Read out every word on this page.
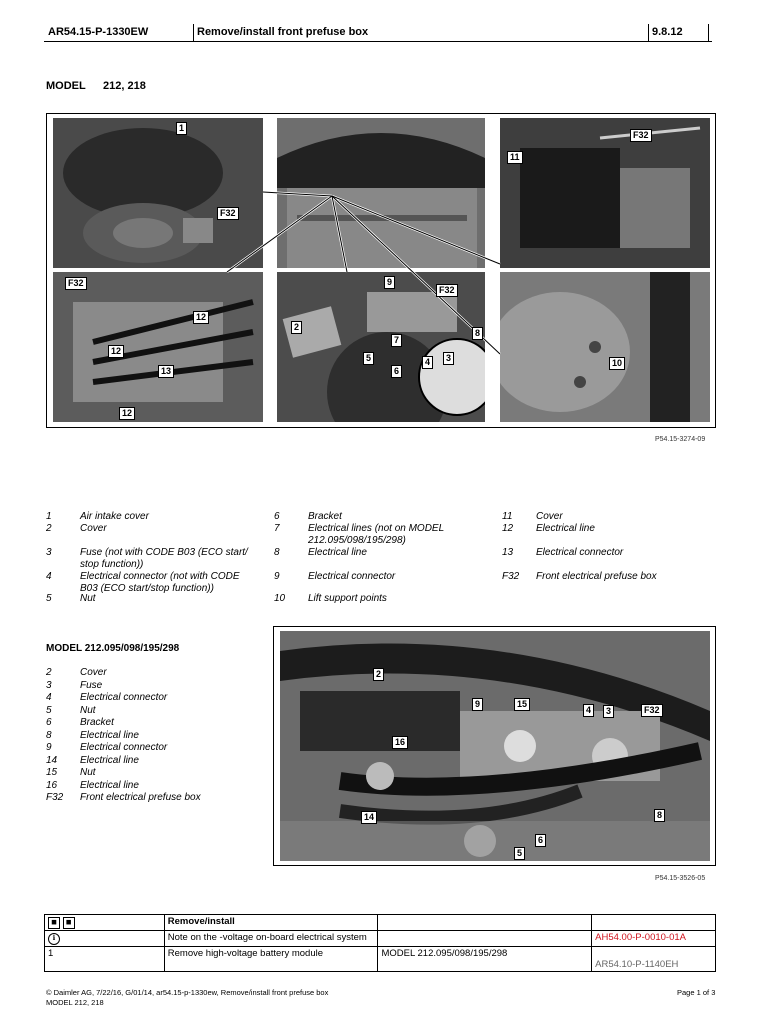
AR54.15-P-1330EW	Remove/install front prefuse box	9.8.12
MODEL 212, 218
1
F32
F32
11
F32
12
12
13
12
2
9
F32
7
8
5
6
4	3	10
P54.15-3274-09
1	Air intake cover
2	Cover
3	Fuse (not with CODE B03 (ECO start/ stop function))
4	Electrical connector (not with CODE B03 (ECO start/stop function))
5	Nut
6	Bracket
7	Electrical lines (not on MODEL 212.095/098/195/298)
8	Electrical line
9	Electrical connector
10 Lift support points
11 Cover
12 Electrical line
13 Electrical connector
F32 Front electrical prefuse box
MODEL 212.095/098/195/298
2	Cover
3	Fuse
4	Electrical connector
5	Nut
6	Bracket
8	Electrical line
9	Electrical connector
14 Electrical line
15 Nut
16 Electrical line
F32 Front electrical prefuse box
2
9	15
4	3	F32
16
6
14
5
8
P54.15-3526-05
◼ ◼	Remove/install		
ℹ	Note on the -voltage on-board electrical system		AH54.00-P-0010-01A
1	Remove high-voltage battery module	MODEL 212.095/098/195/298	AR54.10-P-1140EH
© Daimler AG, 7/22/16, G/01/14, ar54.15-p-1330ew, Remove/install front prefuse box
MODEL 212, 218
Page 1 of 3
